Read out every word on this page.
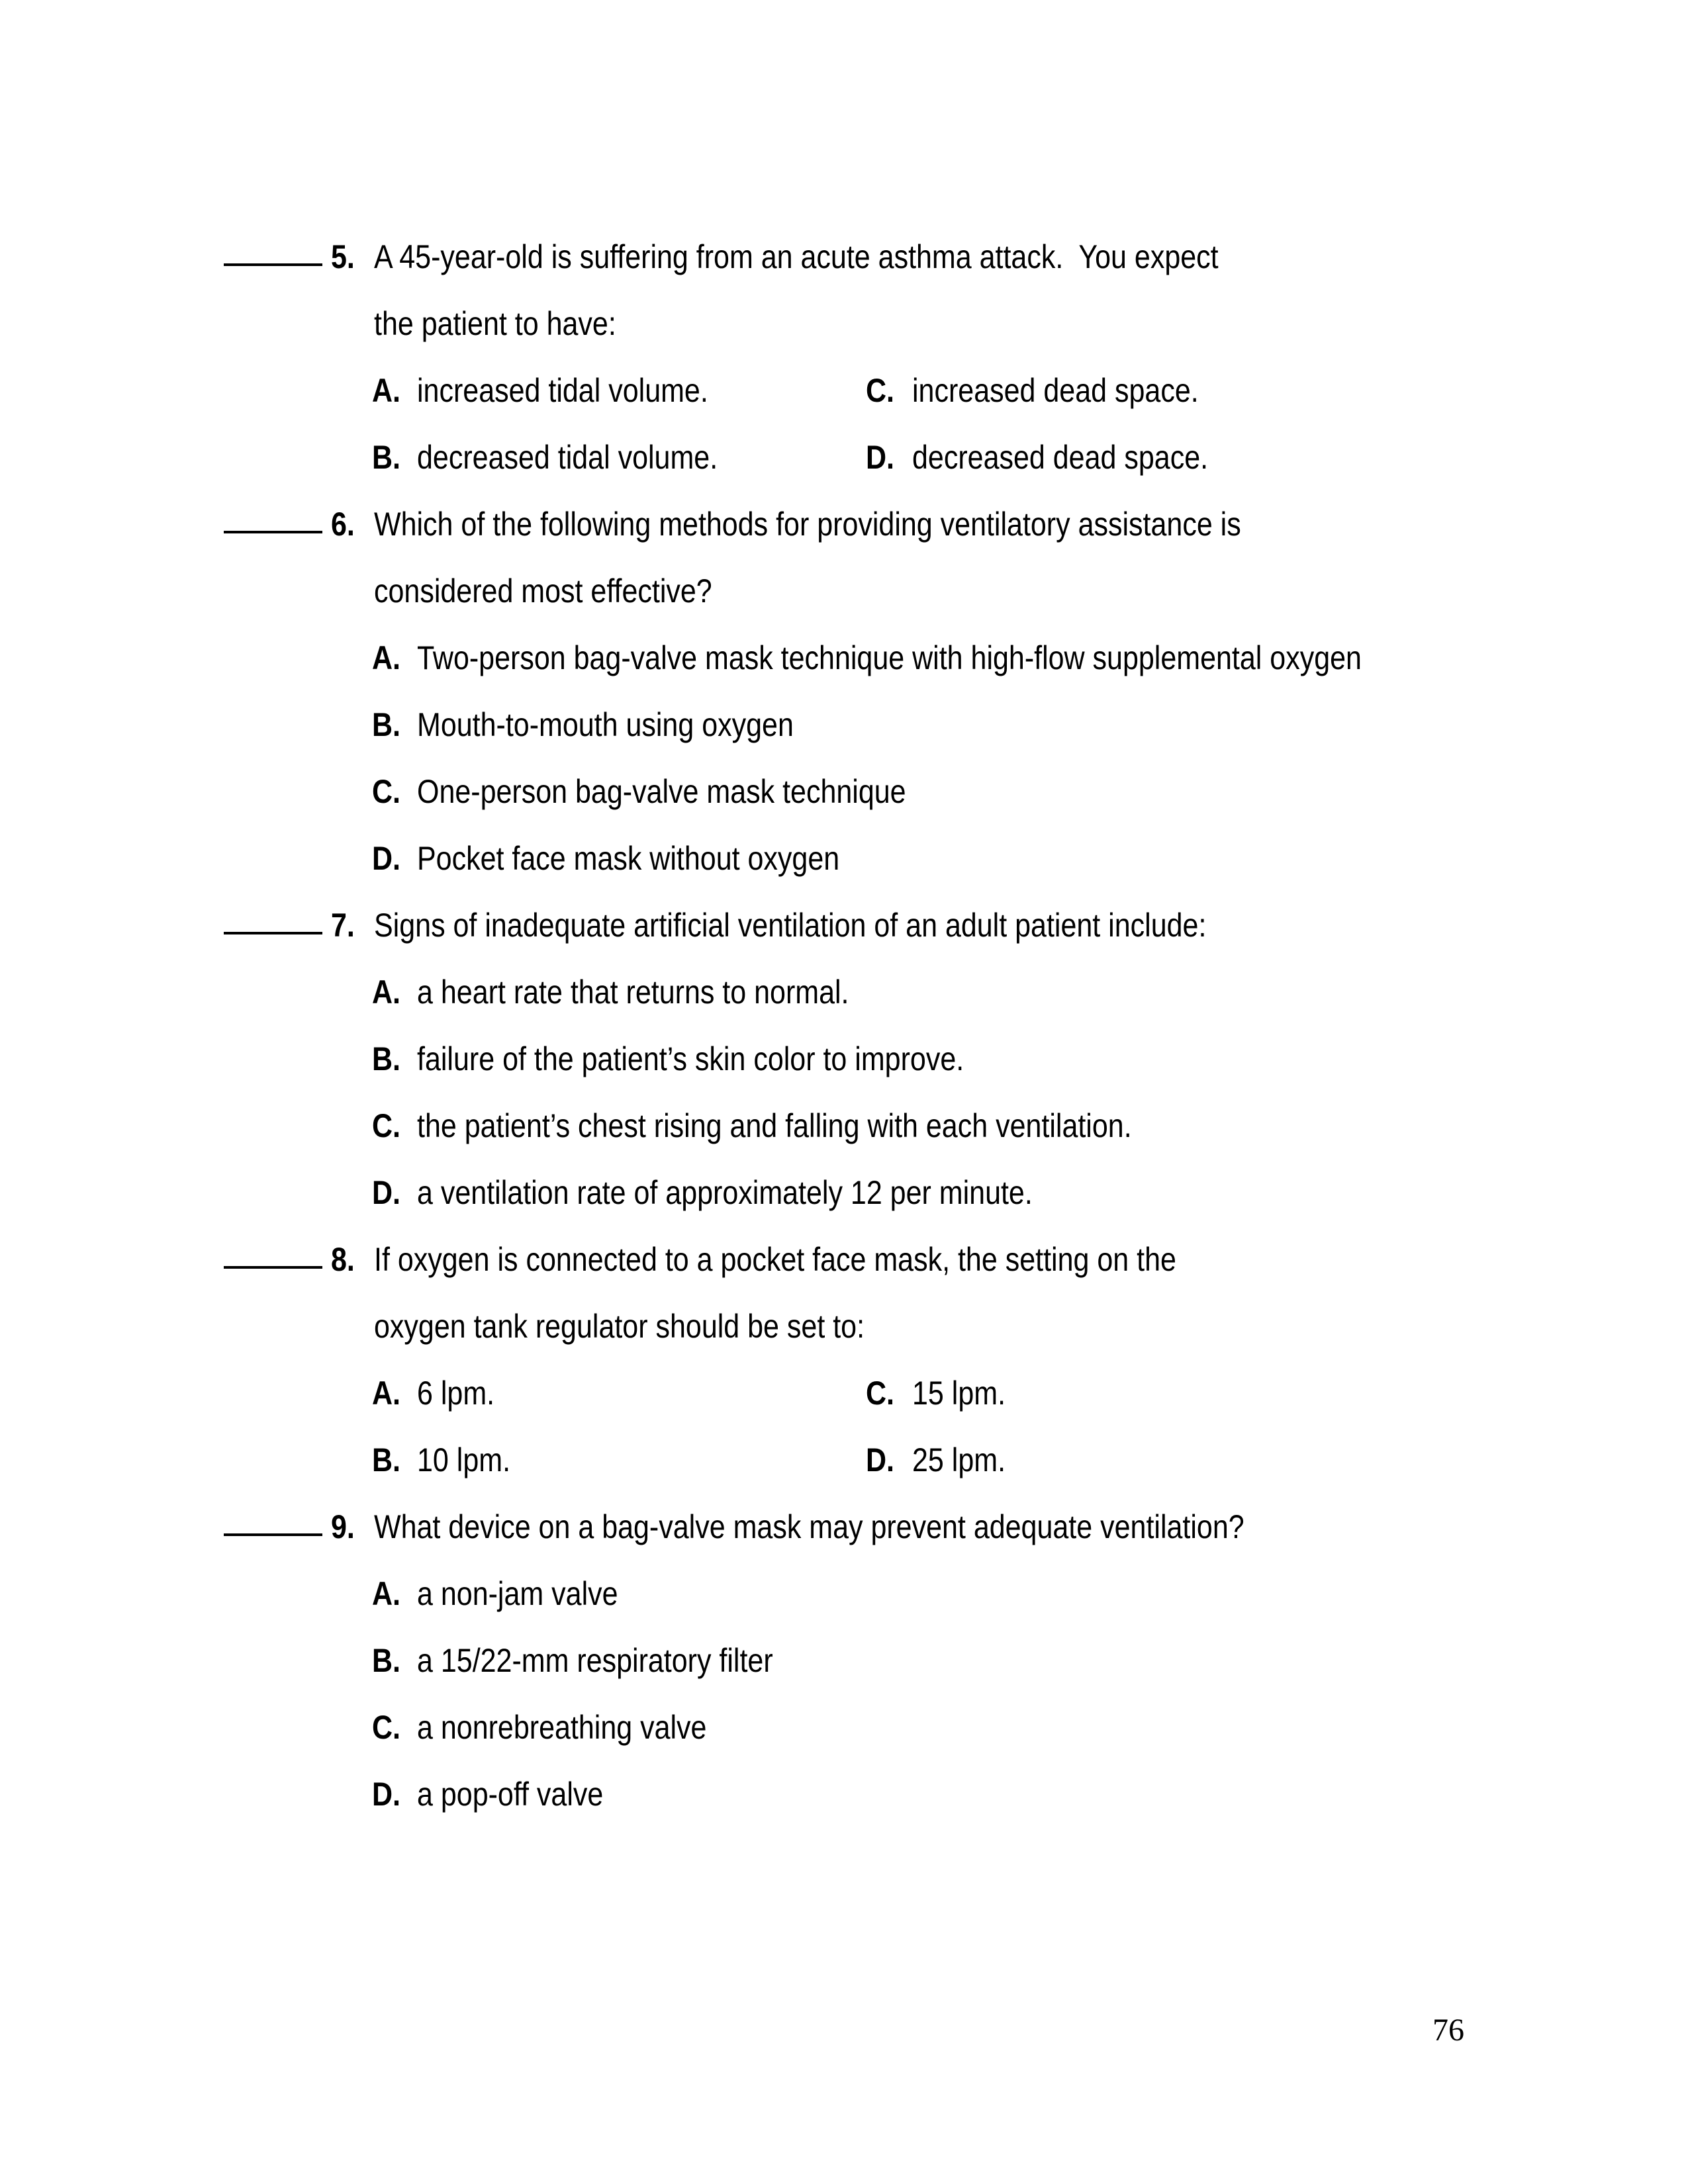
5. A 45-year-old is suffering from an acute asthma attack.  You expect
the patient to have:
A. increased tidal volume.	C. increased dead space.
B. decreased tidal volume.	D. decreased dead space.
6. Which of the following methods for providing ventilatory assistance is
considered most effective?
A. Two-person bag-valve mask technique with high-flow supplemental oxygen
B. Mouth-to-mouth using oxygen
C. One-person bag-valve mask technique
D. Pocket face mask without oxygen
7. Signs of inadequate artificial ventilation of an adult patient include:
A. a heart rate that returns to normal.
B. failure of the patient’s skin color to improve.
C. the patient’s chest rising and falling with each ventilation.
D. a ventilation rate of approximately 12 per minute.
8. If oxygen is connected to a pocket face mask, the setting on the
oxygen tank regulator should be set to:
A. 6 lpm.	C. 15 lpm.
B. 10 lpm.	D. 25 lpm.
9. What device on a bag-valve mask may prevent adequate ventilation?
A. a non-jam valve
B. a 15/22-mm respiratory filter
C. a nonrebreathing valve
D. a pop-off valve
76
